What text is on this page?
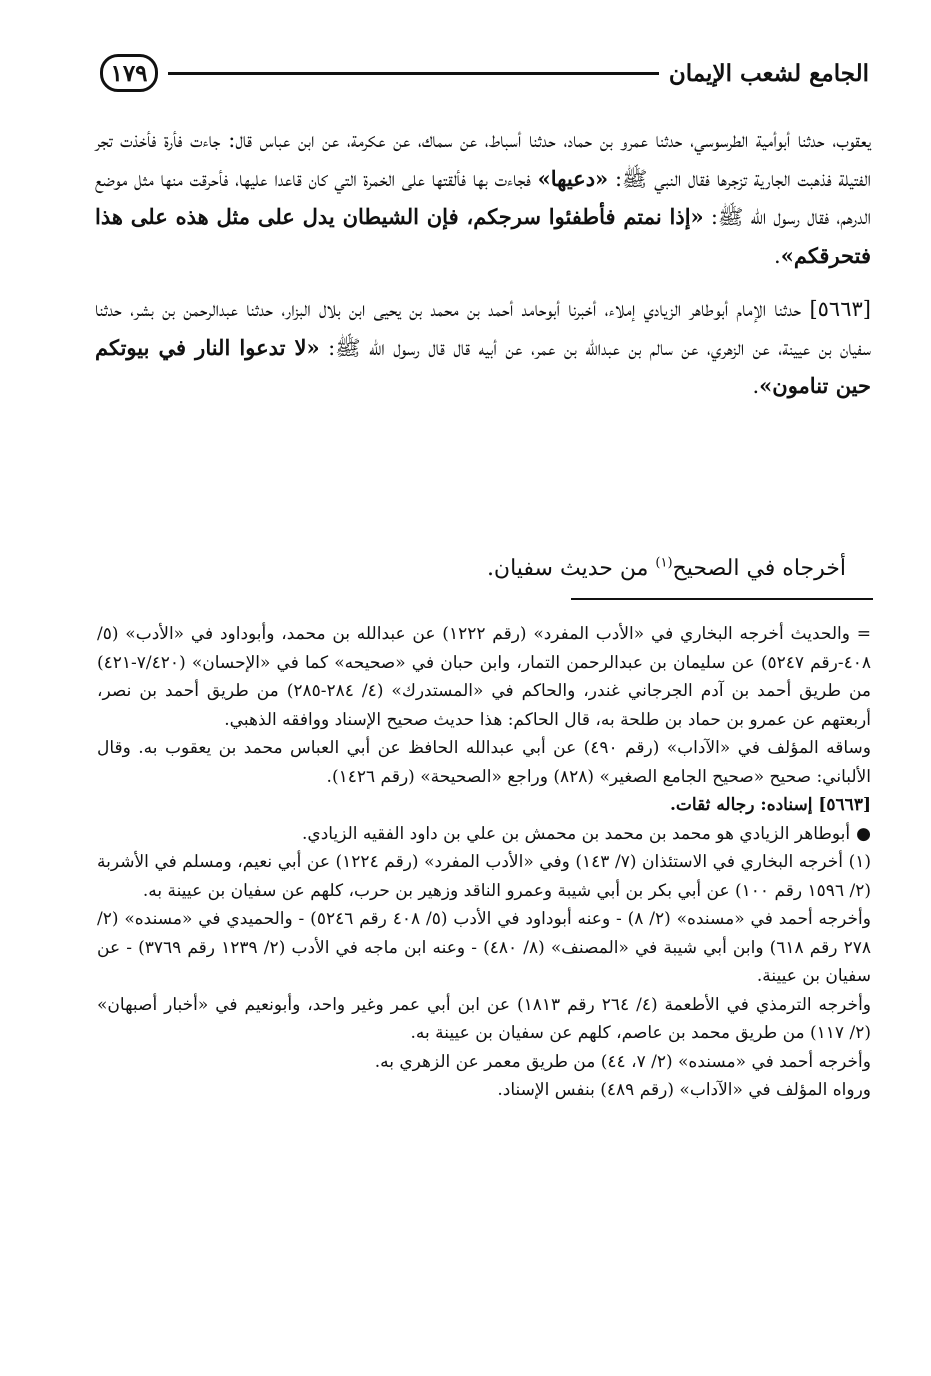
الجامع لشعب الإيمان
١٧٩

يعقوب، حدثنا أبوأمية الطرسوسي، حدثنا عمرو بن حماد، حدثنا أسباط، عن سماك، عن عكرمة، عن ابن عباس قال: جاءت فأرة فأخذت تجر الفتيلة فذهبت الجارية تزجرها فقال النبي ﷺ: «دعيها» فجاءت بها فألقتها على الخمرة التي كان قاعدا عليها، فأحرقت منها مثل موضع الدرهم، فقال رسول الله ﷺ: «إذا نمتم فأطفئوا سرجكم، فإن الشيطان يدل على مثل هذه على هذا فتحرقكم».

[٥٦٦٣] حدثنا الإمام أبوطاهر الزيادي إملاء، أخبرنا أبوحامد أحمد بن محمد بن يحيى ابن بلال البزار، حدثنا عبدالرحمن بن بشر، حدثنا سفيان بن عيينة، عن الزهري، عن سالم بن عبدالله بن عمر، عن أبيه قال قال رسول الله ﷺ: «لا تدعوا النار في بيوتكم حين تنامون».

أخرجاه في الصحيح$^{(١)}$ من حديث سفيان.

= والحديث أخرجه البخاري في «الأدب المفرد» (رقم ١٢٢٢) عن عبدالله بن محمد، وأبوداود في «الأدب» (٥/ ٤٠٨-رقم ٥٢٤٧) عن سليمان بن عبدالرحمن التمار، وابن حبان في «صحيحه» كما في «الإحسان» (٧/٤٢٠-٤٢١) من طريق أحمد بن آدم الجرجاني غندر، والحاكم في «المستدرك» (٤/ ٢٨٤-٢٨٥) من طريق أحمد بن نصر، أربعتهم عن عمرو بن حماد بن طلحة به، قال الحاكم: هذا حديث صحيح الإسناد ووافقه الذهبي.

وساقه المؤلف في «الآداب» (رقم ٤٩٠) عن أبي عبدالله الحافظ عن أبي العباس محمد بن يعقوب به. وقال الألباني: صحيح «صحيح الجامع الصغير» (٨٢٨) وراجع «الصحيحة» (رقم ١٤٢٦).

[٥٦٦٣] إسناده: رجاله ثقات.

●أبوطاهر الزيادي هو محمد بن محمد بن محمش بن علي بن داود الفقيه الزيادي.

(١) أخرجه البخاري في الاستئذان (٧/ ١٤٣) وفي «الأدب المفرد» (رقم ١٢٢٤) عن أبي نعيم، ومسلم في الأشربة (٢/ ١٥٩٦ رقم ١٠٠) عن أبي بكر بن أبي شيبة وعمرو الناقد وزهير بن حرب، كلهم عن سفيان بن عيينة به.

وأخرجه أحمد في «مسنده» (٢/ ٨) - وعنه أبوداود في الأدب (٥/ ٤٠٨ رقم ٥٢٤٦) - والحميدي في «مسنده» (٢/ ٢٧٨ رقم ٦١٨) وابن أبي شيبة في «المصنف» (٨/ ٤٨٠) - وعنه ابن ماجه في الأدب (٢/ ١٢٣٩ رقم ٣٧٦٩) - عن سفيان بن عيينة.

وأخرجه الترمذي في الأطعمة (٤/ ٢٦٤ رقم ١٨١٣) عن ابن أبي عمر وغير واحد، وأبونعيم في «أخبار أصبهان» (٢/ ١١٧) من طريق محمد بن عاصم، كلهم عن سفيان بن عيينة به.

وأخرجه أحمد في «مسنده» (٢/ ٧، ٤٤) من طريق معمر عن الزهري به.

ورواه المؤلف في «الآداب» (رقم ٤٨٩) بنفس الإسناد.
